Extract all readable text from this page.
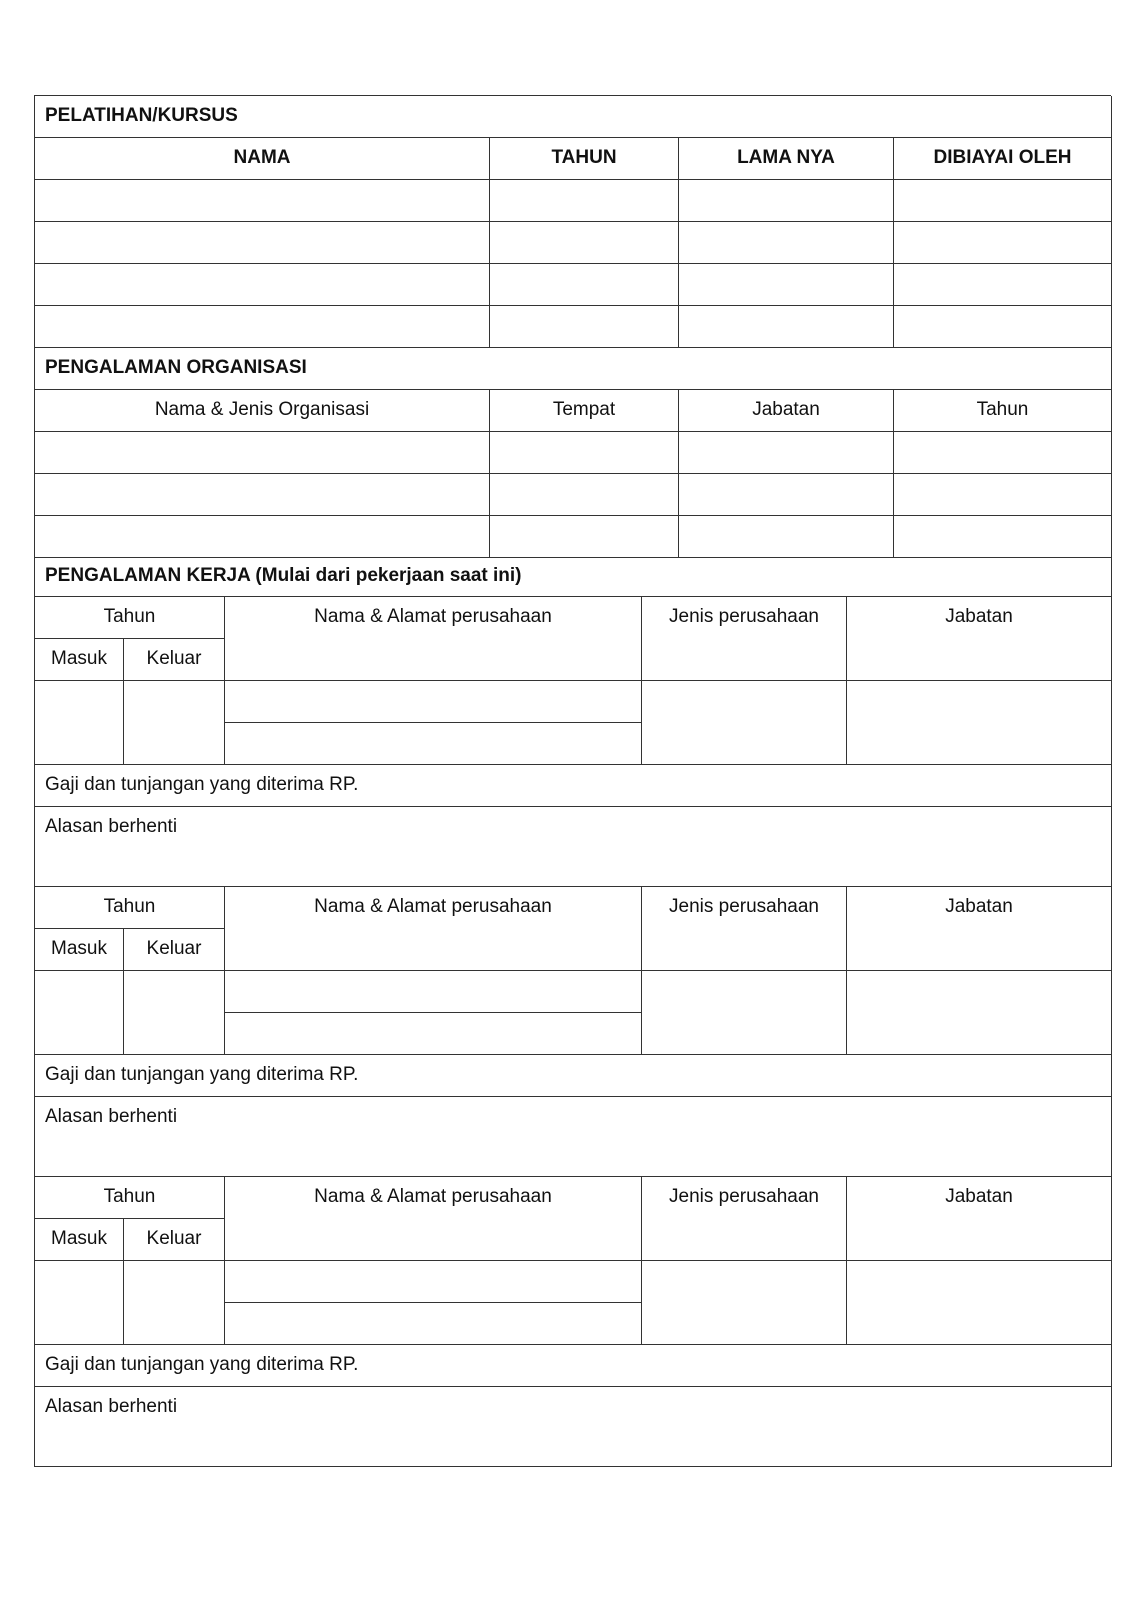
PELATIHAN/KURSUS
NAMA	TAHUN	LAMA NYA	DIBIAYAI OLEH
PENGALAMAN ORGANISASI
Nama & Jenis Organisasi	Tempat	Jabatan	Tahun
PENGALAMAN KERJA (Mulai dari pekerjaan saat ini)
Tahun	Nama & Alamat perusahaan	Jenis perusahaan	Jabatan
Masuk	Keluar
Gaji dan tunjangan yang diterima RP.
Alasan berhenti
Tahun	Nama & Alamat perusahaan	Jenis perusahaan	Jabatan
Masuk	Keluar
Gaji dan tunjangan yang diterima RP.
Alasan berhenti
Tahun	Nama & Alamat perusahaan	Jenis perusahaan	Jabatan
Masuk	Keluar
Gaji dan tunjangan yang diterima RP.
Alasan berhenti
